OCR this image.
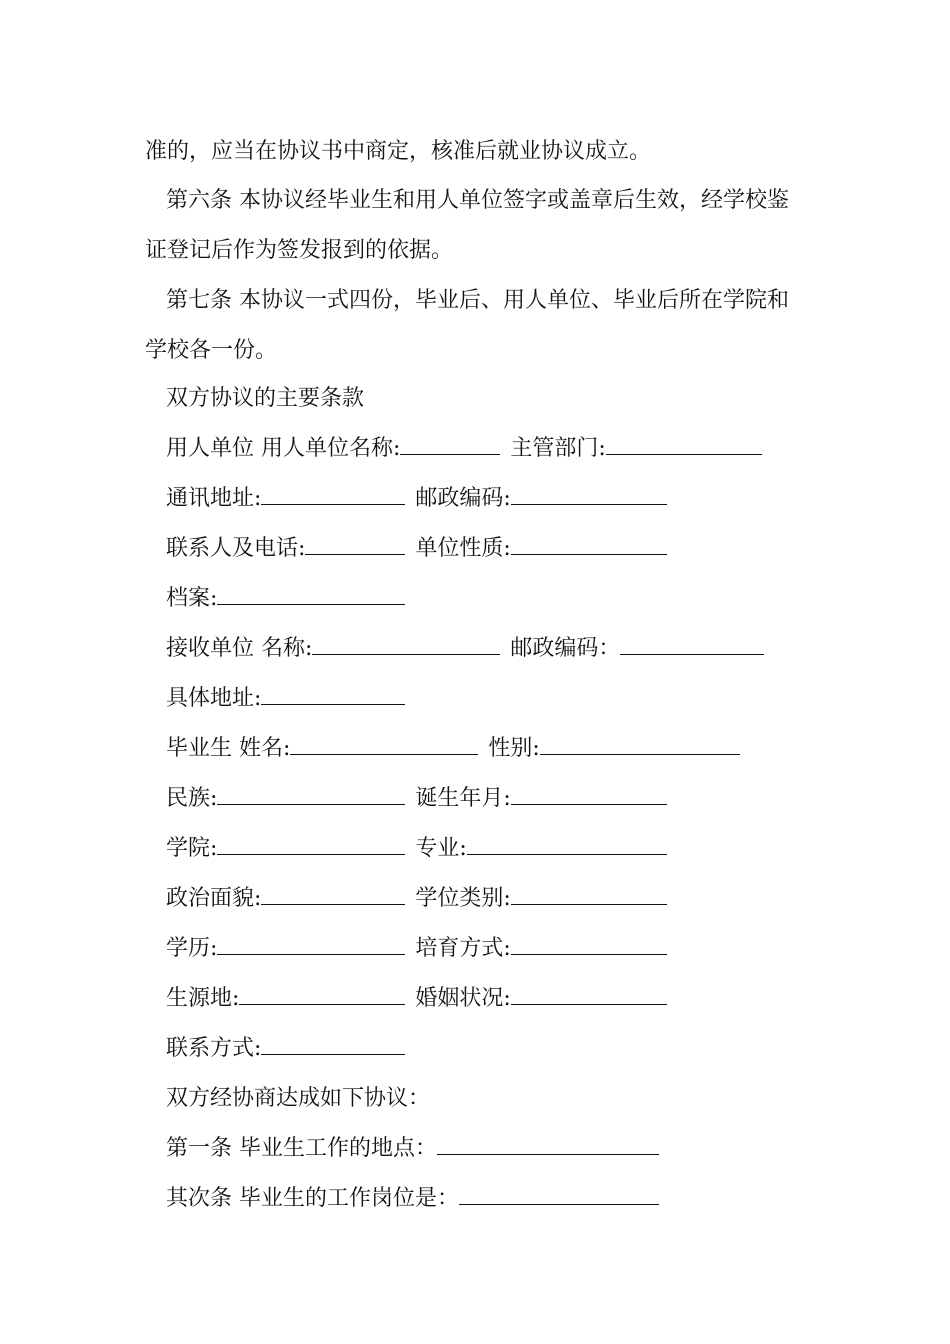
准的，应当在协议书中商定，核准后就业协议成立。
第六条 本协议经毕业生和用人单位签字或盖章后生效，经学校鉴
证登记后作为签发报到的依据。
第七条 本协议一式四份，毕业后、用人单位、毕业后所在学院和
学校各一份。
双方协议的主要条款
用人单位 用人单位名称:	主管部门:
通讯地址:	邮政编码:
联系人及电话:	单位性质:
档案:
接收单位 名称:	邮政编码：
具体地址:
毕业生 姓名:	性别:
民族:	诞生年月:
学院:	专业:
政治面貌:	学位类别:
学历:	培育方式:
生源地:	婚姻状况:
联系方式:
双方经协商达成如下协议：
第一条 毕业生工作的地点：
其次条 毕业生的工作岗位是：
